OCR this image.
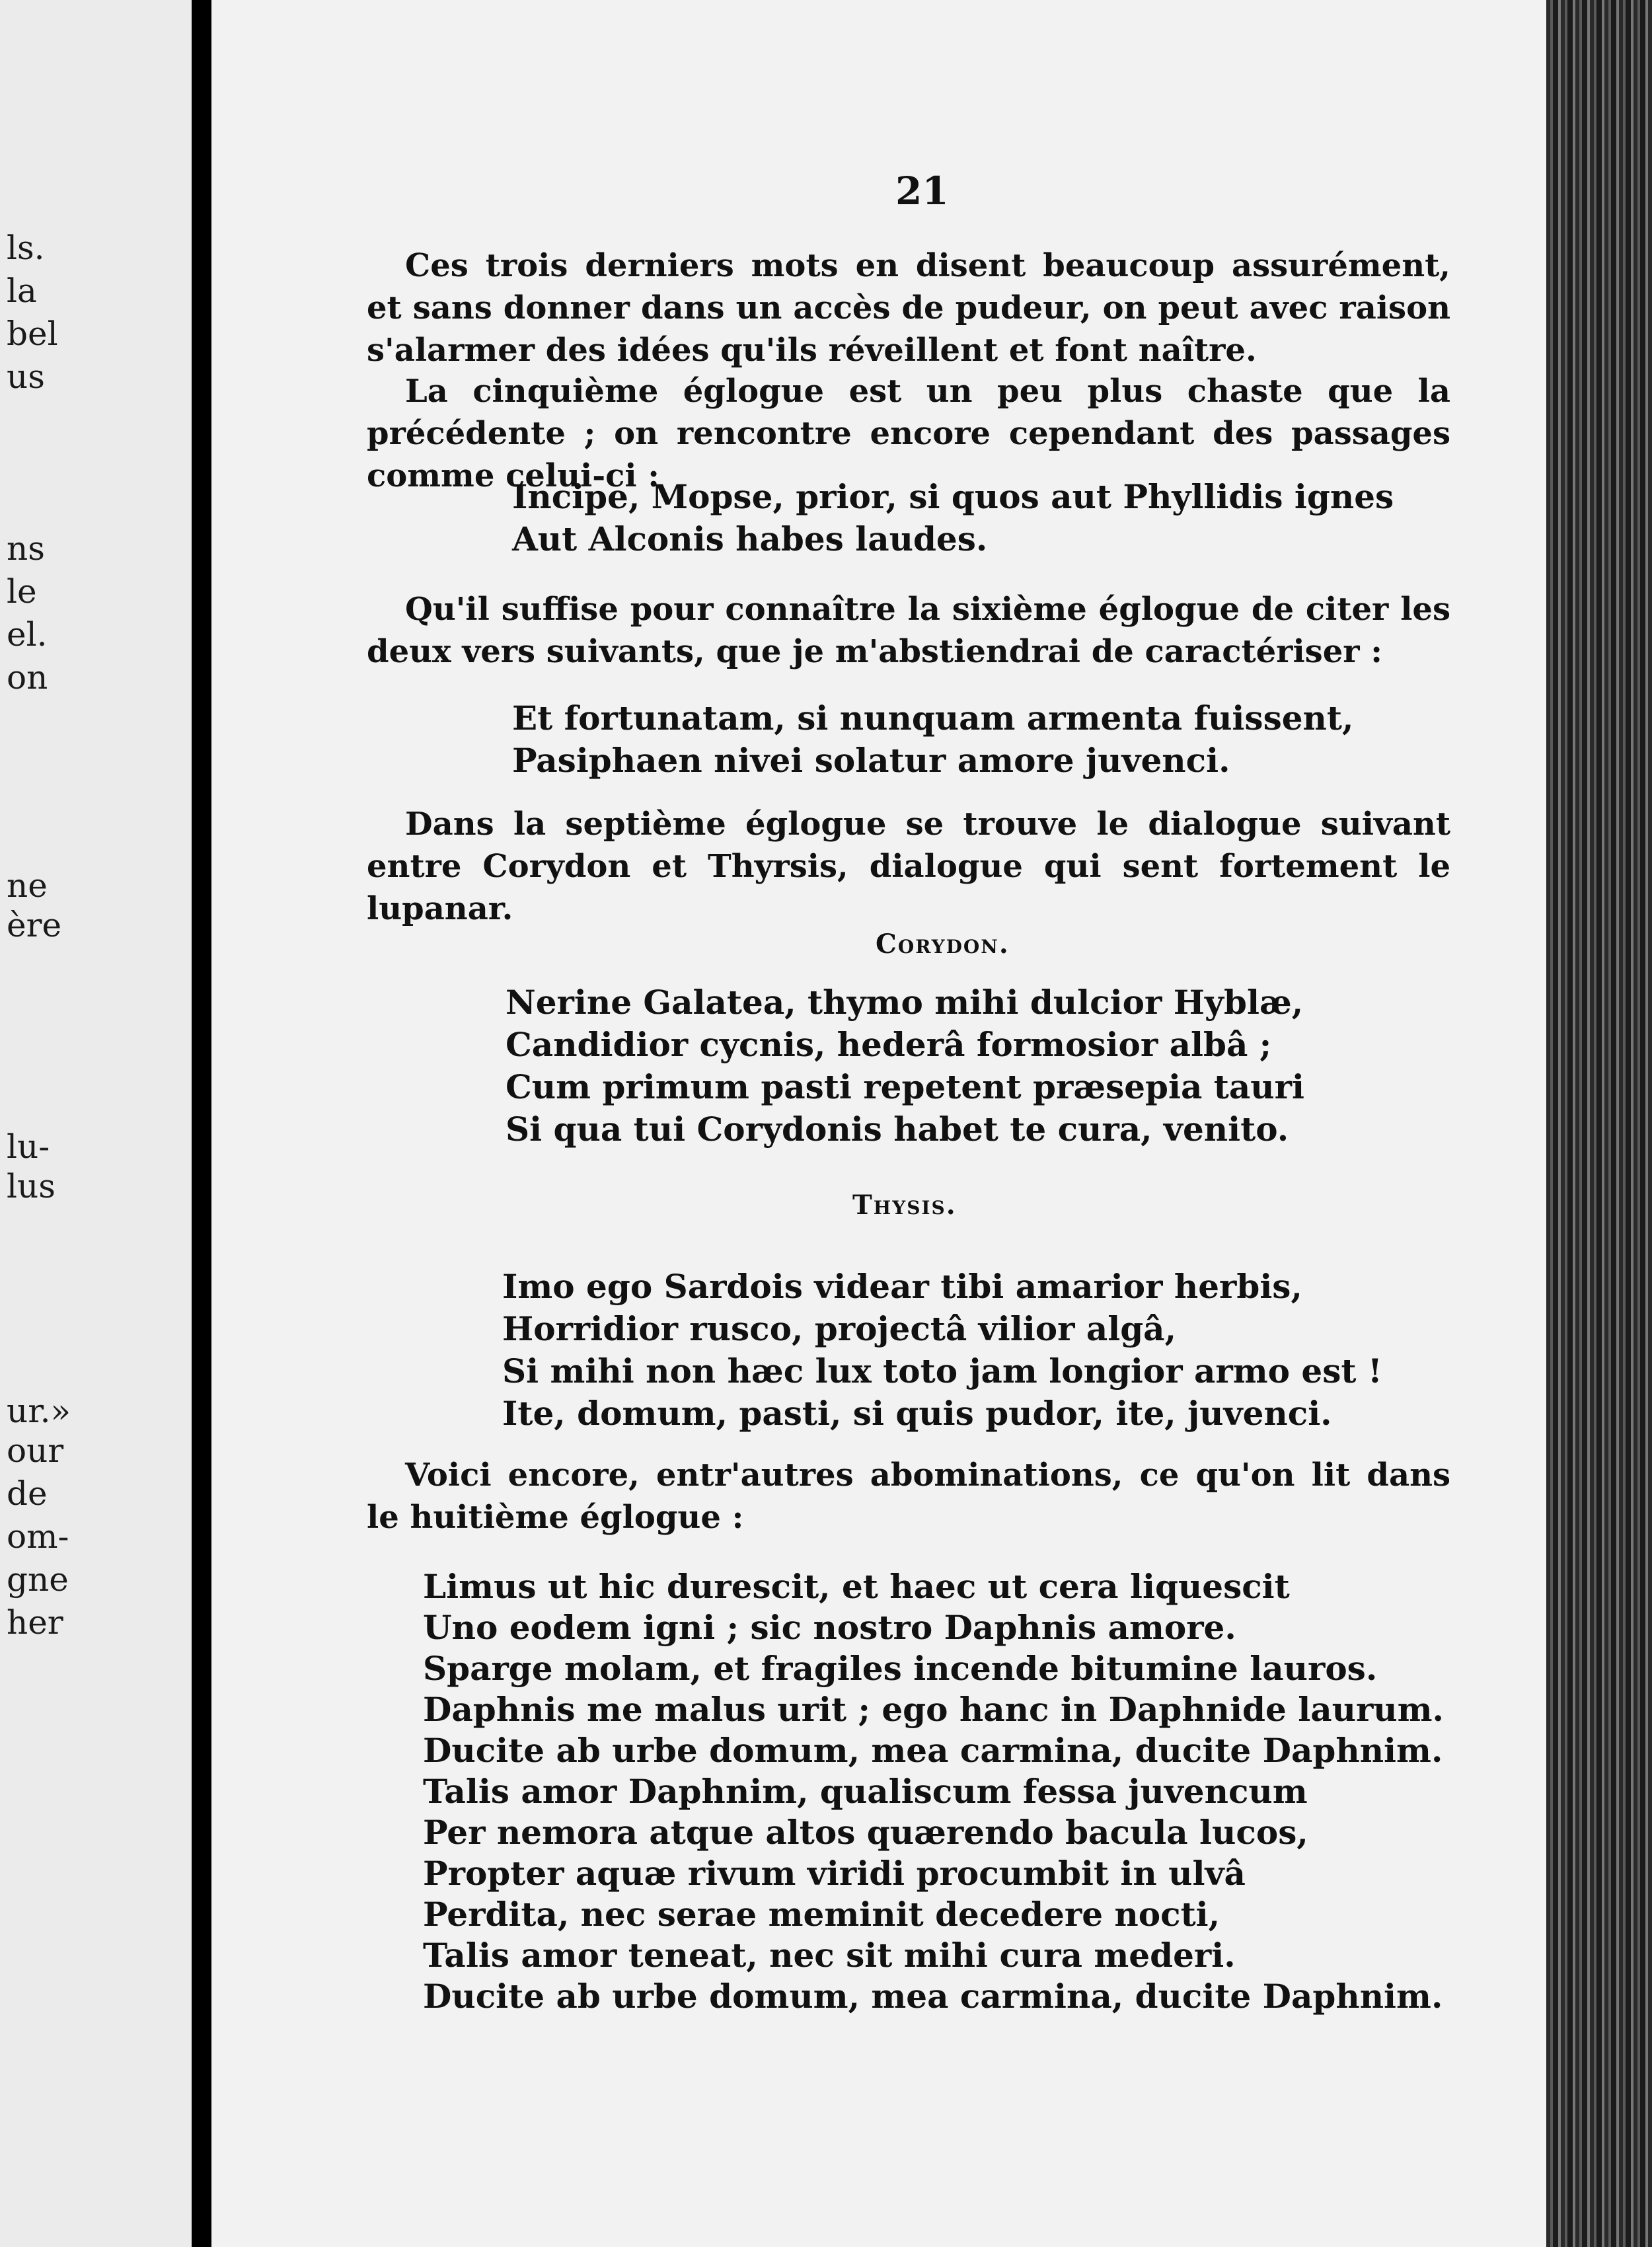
ls.
la
bel
us
ns
le
el.
on
ne
ère
lu-
lus
ur.»
our
de
om-
gne
her
21

Ces trois derniers mots en disent beaucoup assurément, et sans donner dans un accès de pudeur, on peut avec raison s'alarmer des idées qu'ils réveillent et font naître.

La cinquième églogue est un peu plus chaste que la précédente ; on rencontre encore cependant des passages comme celui-ci :

Incipe, Mopse, prior, si quos aut Phyllidis ignes
Aut Alconis habes laudes.

Qu'il suffise pour connaître la sixième églogue de citer les deux vers suivants, que je m'abstiendrai de caractériser :

Et fortunatam, si nunquam armenta fuissent,
Pasiphaen nivei solatur amore juvenci.

Dans la septième églogue se trouve le dialogue suivant entre Corydon et Thyrsis, dialogue qui sent fortement le lupanar.

Corydon.
Nerine Galatea, thymo mihi dulcior Hyblæ,
Candidior cycnis, hederâ formosior albâ ;
Cum primum pasti repetent præsepia tauri
Si qua tui Corydonis habet te cura, venito.
Thysis.
Imo ego Sardois videar tibi amarior herbis,
Horridior rusco, projectâ vilior algâ,
Si mihi non hæc lux toto jam longior armo est !
Ite, domum, pasti, si quis pudor, ite, juvenci.

Voici encore, entr'autres abominations, ce qu'on lit dans le huitième églogue :

Limus ut hic durescit, et haec ut cera liquescit
Uno eodem igni ; sic nostro Daphnis amore.
Sparge molam, et fragiles incende bitumine lauros.
Daphnis me malus urit ; ego hanc in Daphnide laurum.
Ducite ab urbe domum, mea carmina, ducite Daphnim.
Talis amor Daphnim, qualiscum fessa juvencum
Per nemora atque altos quærendo bacula lucos,
Propter aquæ rivum viridi procumbit in ulvâ
Perdita, nec serae meminit decedere nocti,
Talis amor teneat, nec sit mihi cura mederi.
Ducite ab urbe domum, mea carmina, ducite Daphnim.
